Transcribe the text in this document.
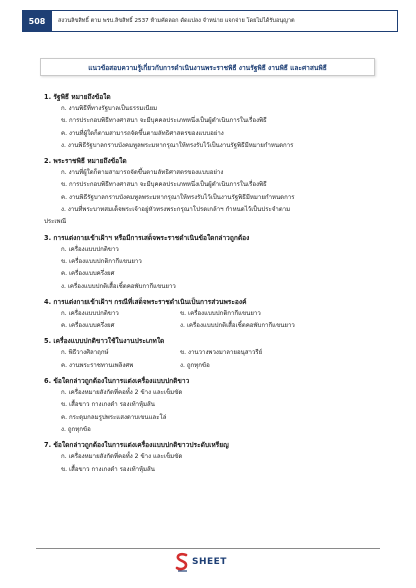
508	สงวนลิขสิทธิ์ ตาม พรบ.ลิขสิทธิ์ 2537 ห้ามคัดลอก ดัดแปลง จำหน่าย แจกจ่าย โดยไม่ได้รับอนุญาต
แนวข้อสอบความรู้เกี่ยวกับการดำเนินงานพระราชพิธี งานรัฐพิธี งานพิธี และศาสนพิธี
1. รัฐพิธี หมายถึงข้อใด
ก. งานพิธีที่ทางรัฐบาลเป็นธรรมเนียม
ข. การประกอบพิธีทางศาสนา จะมีบุคคลประเภทหนึ่งเป็นผู้ดำเนินการในเรื่องพิธี
ค. งานที่ผู้ใดก็ตามสามารถจัดขึ้นตามลัทธิศาสตรของแบบอย่าง
ง. งานพิธีรัฐบาลกราบบังคมทูลพระมหากรุณาให้ทรงรับไว้เป็นงานรัฐพิธีมีหมายกำหนดการ
2. พระราชพิธี หมายถึงข้อใด
ก. งานที่ผู้ใดก็ตามสามารถจัดขึ้นตามลัทธิศาสตรของแบบอย่าง
ข. การประกอบพิธีทางศาสนา จะมีบุคคลประเภทหนึ่งเป็นผู้ดำเนินการในเรื่องพิธี
ค. งานพิธีรัฐบาลกราบบังคมทูลพระมหากรุณาให้ทรงรับไว้เป็นงานรัฐพิธีมีหมายกำหนดการ
ง. งานที่พระบาทสมเด็จพระเจ้าอยู่หัวทรงพระกรุณาโปรดเกล้าฯ กำหนดไว้เป็นประจำตาม
ประเพณี
3. การแต่งกายเข้าเฝ้าฯ หรือมีการเสด็จพระราชดำเนินข้อใดกล่าวถูกต้อง
ก. เครื่องแบบปกติขาว
ข. เครื่องแบบปกติกากีแขนยาว
ค. เครื่องแบบครึ่งยศ
ง. เครื่องแบบปกติเสื้อเชิ้ตคอพับกากีแขนยาว
4. การแต่งกายเข้าเฝ้าฯ กรณีที่เสด็จพระราชดำเนินเป็นการส่วนพระองค์
ก. เครื่องแบบปกติขาว	ข. เครื่องแบบปกติกากีแขนยาว
ค. เครื่องแบบครึ่งยศ	ง. เครื่องแบบปกติเสื้อเชิ้ตคอพับกากีแขนยาว
5. เครื่องแบบปกติขาวใช้ในงานประเภทใด
ก. พิธีวางศิลาฤกษ์	ข. งานวางพวงมาลายอนุสาวรีย์
ค. งานพระราชทานเพลิงศพ	ง. ถูกทุกข้อ
6. ข้อใดกล่าวถูกต้องในการแต่งเครื่องแบบปกติขาว
ก. เครื่องหมายสังกัดที่คอทั้ง 2 ข้าง และเข็มขัด
ข. เสื้อขาว กางเกงดำ รองเท้าหุ้มส้น
ค. กระดุมกลมรูปพระแสงดาบเขนและโล่
ง. ถูกทุกข้อ
7. ข้อใดกล่าวถูกต้องในการแต่งเครื่องแบบปกติขาวประดับเหรียญ
ก. เครื่องหมายสังกัดที่คอทั้ง 2 ข้าง และเข็มขัด
ข. เสื้อขาว กางเกงดำ รองเท้าหุ้มส้น
SHEET
